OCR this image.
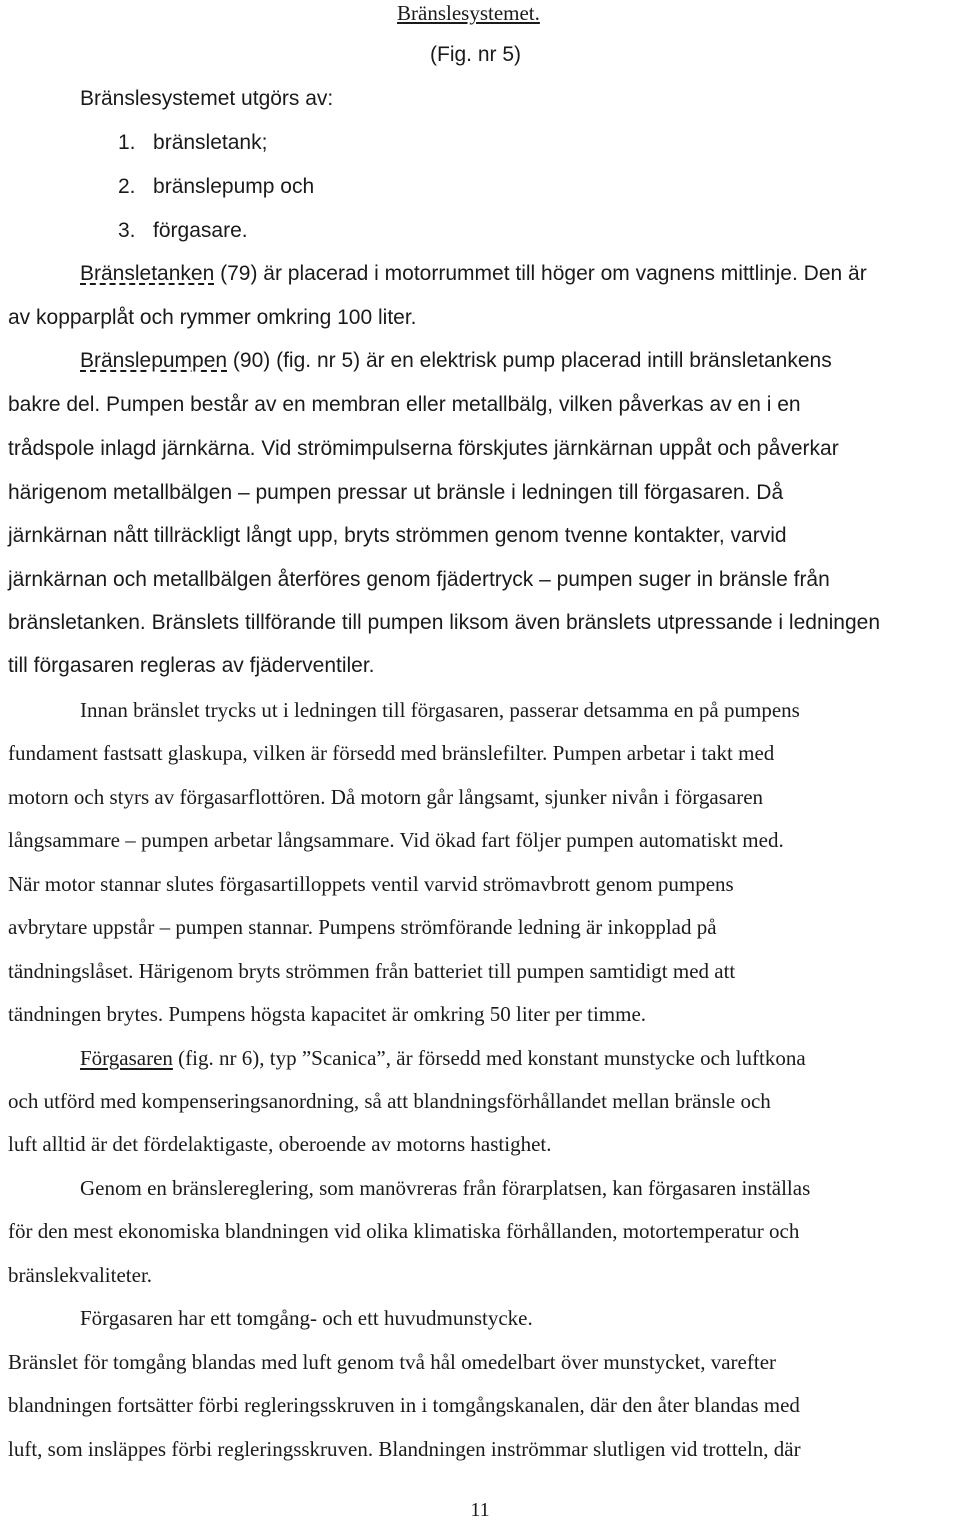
Bränslesystemet.
(Fig. nr 5)
Bränslesystemet utgörs av:
1. bränsletank;
2. bränslepump och
3. förgasare.
Bränsletanken (79) är placerad i motorrummet till höger om vagnens mittlinje. Den är
av kopparplåt och rymmer omkring 100 liter.
Bränslepumpen (90) (fig. nr 5) är en elektrisk pump placerad intill bränsletankens
bakre del. Pumpen består av en membran eller metallbälg, vilken påverkas av en i en
trådspole inlagd järnkärna. Vid strömimpulserna förskjutes järnkärnan uppåt och påverkar
härigenom metallbälgen – pumpen pressar ut bränsle i ledningen till förgasaren. Då
järnkärnan nått tillräckligt långt upp, bryts strömmen genom tvenne kontakter, varvid
järnkärnan och metallbälgen återföres genom fjädertryck – pumpen suger in bränsle från
bränsletanken. Bränslets tillförande till pumpen liksom även bränslets utpressande i ledningen
till förgasaren regleras av fjäderventiler.
Innan bränslet trycks ut i ledningen till förgasaren, passerar detsamma en på pumpens
fundament fastsatt glaskupa, vilken är försedd med bränslefilter. Pumpen arbetar i takt med
motorn och styrs av förgasarflottören. Då motorn går långsamt, sjunker nivån i förgasaren
långsammare – pumpen arbetar långsammare. Vid ökad fart följer pumpen automatiskt med.
När motor stannar slutes förgasartilloppets ventil varvid strömavbrott genom pumpens
avbrytare uppstår – pumpen stannar. Pumpens strömförande ledning är inkopplad på
tändningslåset. Härigenom bryts strömmen från batteriet till pumpen samtidigt med att
tändningen brytes. Pumpens högsta kapacitet är omkring 50 liter per timme.
Förgasaren (fig. nr 6), typ ”Scanica”, är försedd med konstant munstycke och luftkona
och utförd med kompenseringsanordning, så att blandningsförhållandet mellan bränsle och
luft alltid är det fördelaktigaste, oberoende av motorns hastighet.
Genom en bränslereglering, som manövreras från förarplatsen, kan förgasaren inställas
för den mest ekonomiska blandningen vid olika klimatiska förhållanden, motortemperatur och
bränslekvaliteter.
Förgasaren har ett tomgång- och ett huvudmunstycke.
Bränslet för tomgång blandas med luft genom två hål omedelbart över munstycket, varefter
blandningen fortsätter förbi regleringsskruven in i tomgångskanalen, där den åter blandas med
luft, som insläppes förbi regleringsskruven. Blandningen inströmmar slutligen vid trotteln, där
11
